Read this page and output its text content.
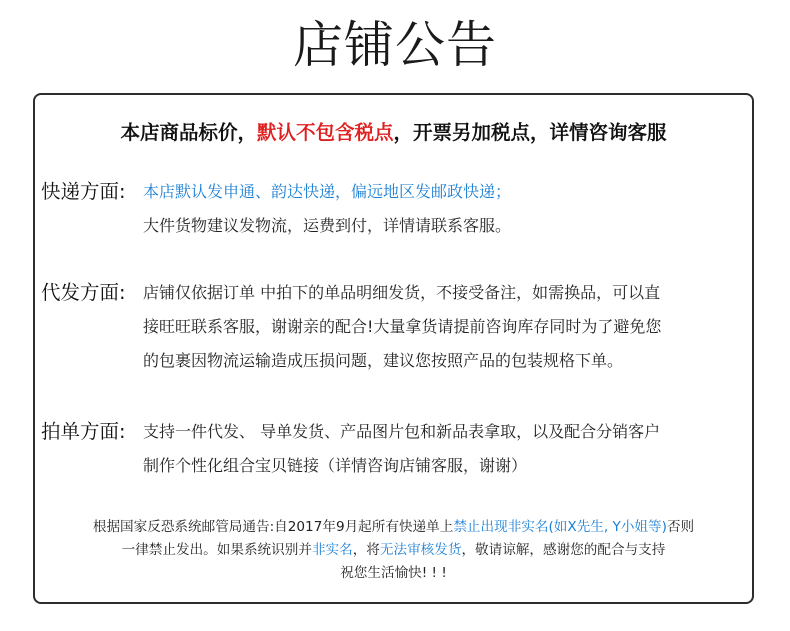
店铺公告
本店商品标价，默认不包含税点，开票另加税点，详情咨询客服
快递方面: 本店默认发申通、韵达快递，偏远地区发邮政快递；
大件货物建议发物流，运费到付，详情请联系客服。
代发方面: 店铺仅依据订单 中拍下的单品明细发货，不接受备注，如需换品，可以直
接旺旺联系客服，谢谢亲的配合!大量拿货请提前咨询库存同时为了避免您
的包裹因物流运输造成压损问题，建议您按照产品的包装规格下单。
拍单方面: 支持一件代发、 导单发货、产品图片包和新品表拿取，以及配合分销客户
制作个性化组合宝贝链接（详情咨询店铺客服，谢谢）
根据国家反恐系统邮管局通告:自2017年9月起所有快递单上禁止出现非实名(如X先生, Y小姐等)否则
一律禁止发出。如果系统识别并非实名，将无法审核发货，敬请谅解，感谢您的配合与支持
祝您生活愉快! ! !
